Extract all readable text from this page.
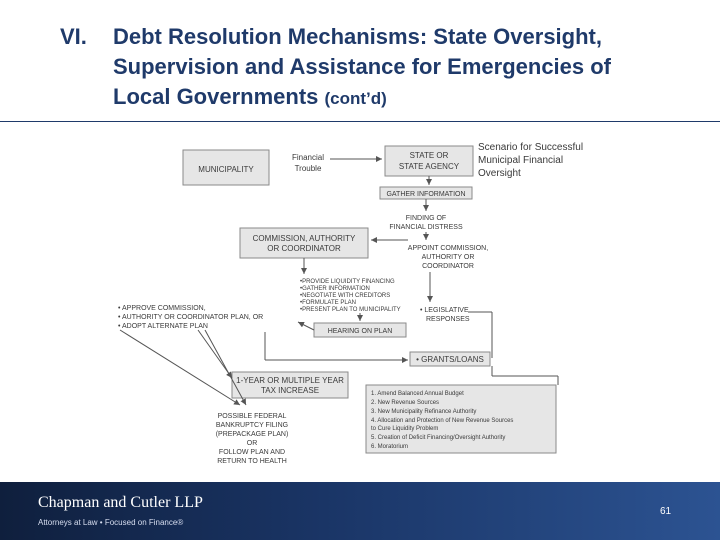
VI. Debt Resolution Mechanisms: State Oversight,
Supervision and Assistance for Emergencies of
Local Governments (cont’d)
MUNICIPALITY
Financial
Trouble
STATE OR
STATE AGENCY
Scenario for Successful
Municipal Financial
Oversight
GATHER INFORMATION
FINDING OF
FINANCIAL DISTRESS
COMMISSION, AUTHORITY
OR COORDINATOR	APPOINT COMMISSION,
AUTHORITY OR
COORDINATOR
•PROVIDE LIQUIDITY FINANCING
•GATHER INFORMATION
•NEGOTIATE WITH CREDITORS
•FORMULATE PLAN
•PRESENT PLAN TO MUNICIPALITY	• LEGISLATIVE
RESPONSES
• APPROVE COMMISSION,
• AUTHORITY OR COORDINATOR PLAN, OR
• ADOPT ALTERNATE PLAN
HEARING ON PLAN
• GRANTS/LOANS
1-YEAR OR MULTIPLE YEAR
TAX INCREASE
POSSIBLE FEDERAL
BANKRUPTCY FILING
(PREPACKAGE PLAN)
OR
FOLLOW PLAN AND
RETURN TO HEALTH
1. Amend Balanced Annual Budget
2. New Revenue Sources
3. New Municipality Refinance Authority
4. Allocation and Protection of New Revenue Sources
to Cure Liquidity Problem
5. Creation of Deficit Financing/Oversight Authority
6. Moratorium
Chapman and Cutler LLP
Attorneys at Law • Focused on Finance®
61
